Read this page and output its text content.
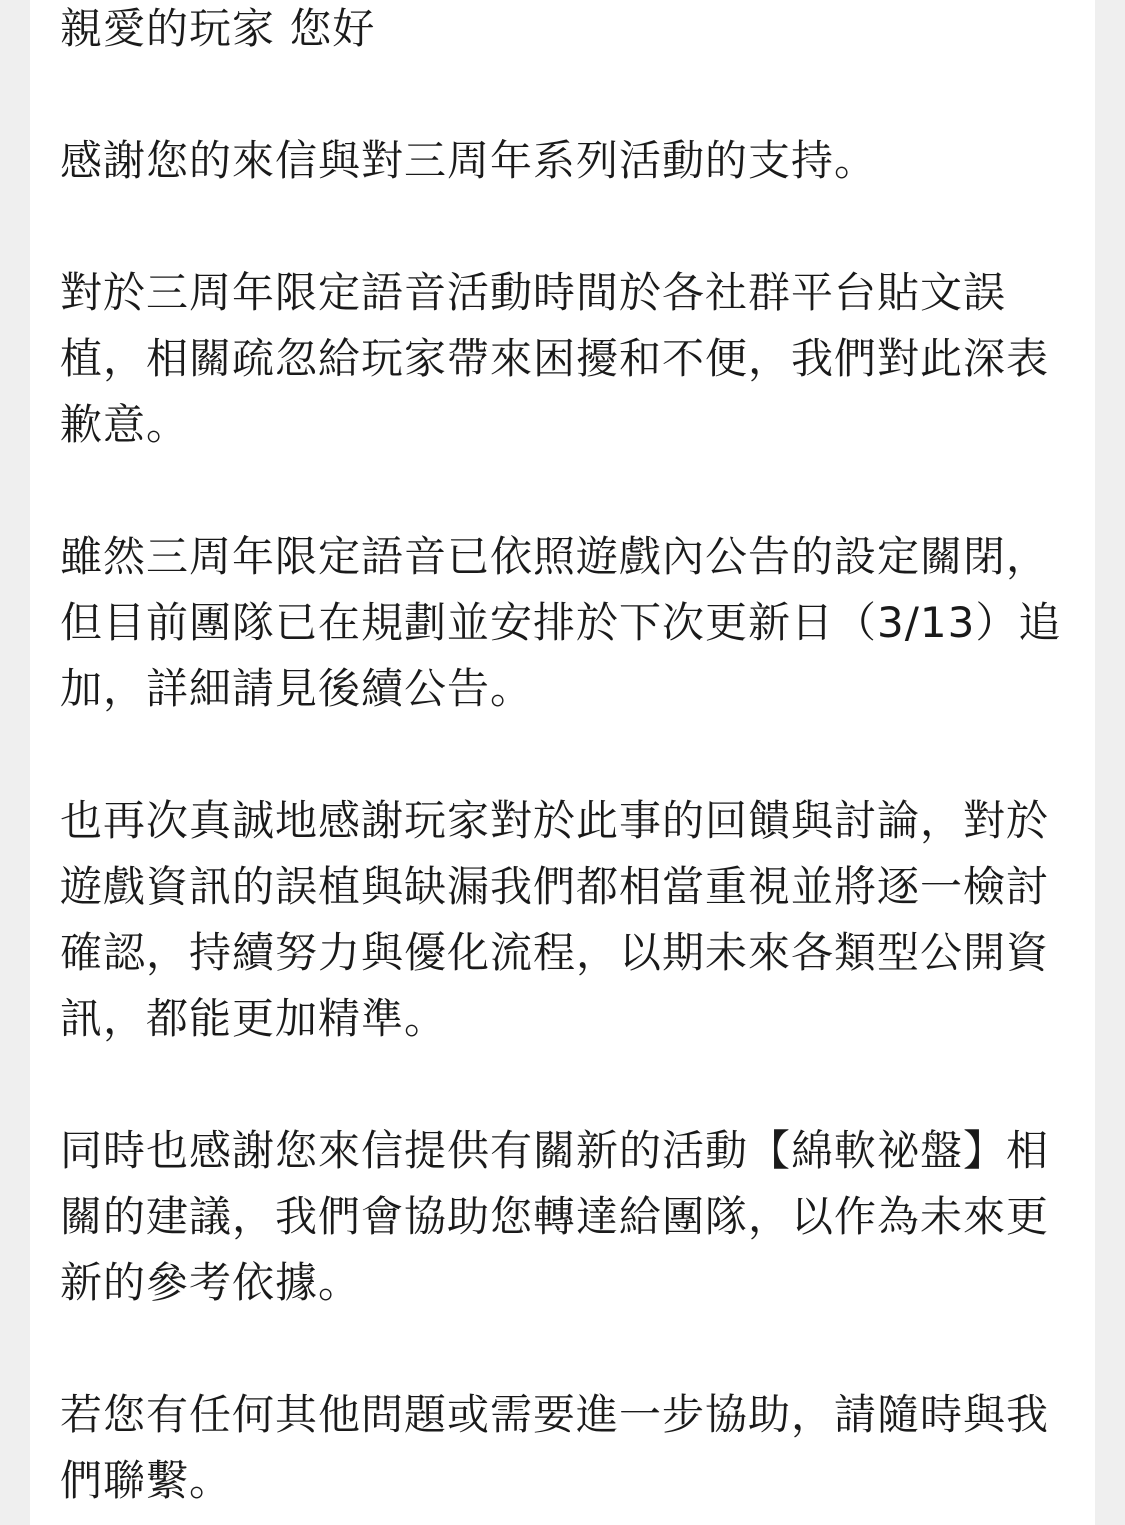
親愛的玩家 您好
感謝您的來信與對三周年系列活動的支持。
對於三周年限定語音活動時間於各社群平台貼文誤
植，相關疏忽給玩家帶來困擾和不便，我們對此深表
歉意。
雖然三周年限定語音已依照遊戲內公告的設定關閉，
但目前團隊已在規劃並安排於下次更新日（3/13）追
加，詳細請見後續公告。
也再次真誠地感謝玩家對於此事的回饋與討論，對於
遊戲資訊的誤植與缺漏我們都相當重視並將逐一檢討
確認，持續努力與優化流程，以期未來各類型公開資
訊，都能更加精準。
同時也感謝您來信提供有關新的活動【綿軟祕盤】相
關的建議，我們會協助您轉達給團隊，以作為未來更
新的參考依據。
若您有任何其他問題或需要進一步協助，請隨時與我
們聯繫。
